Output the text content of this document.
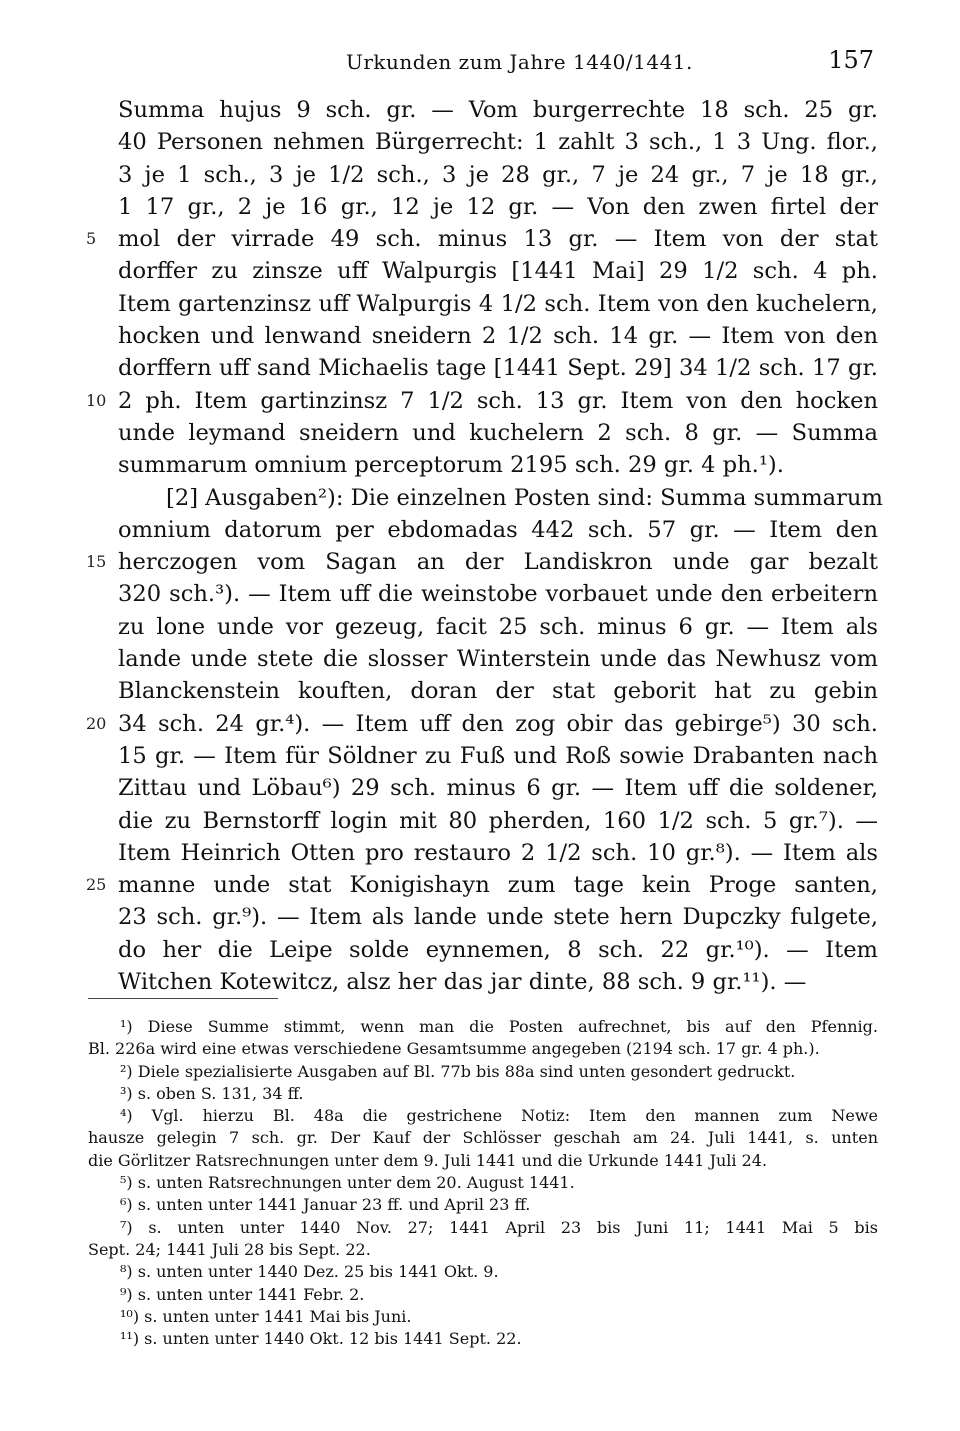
Urkunden zum Jahre 1440/1441.	157
Summa hujus 9 sch. gr. — Vom burgerrechte 18 sch. 25 gr.
40 Personen nehmen Bürgerrecht: 1 zahlt 3 sch., 1 3 Ung. flor.,
3 je 1 sch., 3 je 1/2 sch., 3 je 28 gr., 7 je 24 gr., 7 je 18 gr.,
1 17 gr., 2 je 16 gr., 12 je 12 gr. — Von den zwen firtel der
5 mol der virrade 49 sch. minus 13 gr. — Item von der stat
dorffer zu zinsze uff Walpurgis [1441 Mai] 29 1/2 sch. 4 ph.
Item gartenzinsz uff Walpurgis 4 1/2 sch. Item von den kuchelern,
hocken und lenwand sneidern 2 1/2 sch. 14 gr. — Item von den
dorffern uff sand Michaelis tage [1441 Sept. 29] 34 1/2 sch. 17 gr.
10 2 ph. Item gartinzinsz 7 1/2 sch. 13 gr. Item von den hocken
unde leymand sneidern und kuchelern 2 sch. 8 gr. — Summa
summarum omnium perceptorum 2195 sch. 29 gr. 4 ph.¹).
[2] Ausgaben²): Die einzelnen Posten sind: Summa summarum
omnium datorum per ebdomadas 442 sch. 57 gr. — Item den
15 herczogen vom Sagan an der Landiskron unde gar bezalt
320 sch.³). — Item uff die weinstobe vorbauet unde den erbeitern
zu lone unde vor gezeug, facit 25 sch. minus 6 gr. — Item als
lande unde stete die slosser Winterstein unde das Newhusz vom
Blanckenstein kouften, doran der stat geborit hat zu gebin
20 34 sch. 24 gr.⁴). — Item uff den zog obir das gebirge⁵) 30 sch.
15 gr. — Item für Söldner zu Fuß und Roß sowie Drabanten nach
Zittau und Löbau⁶) 29 sch. minus 6 gr. — Item uff die soldener,
die zu Bernstorff login mit 80 pherden, 160 1/2 sch. 5 gr.⁷). —
Item Heinrich Otten pro restauro 2 1/2 sch. 10 gr.⁸). — Item als
25 manne unde stat Konigishayn zum tage kein Proge santen,
23 sch. gr.⁹). — Item als lande unde stete hern Dupczky fulgete,
do her die Leipe solde eynnemen, 8 sch. 22 gr.¹⁰). — Item
Witchen Kotewitcz, alsz her das jar dinte, 88 sch. 9 gr.¹¹). —
¹) Diese Summe stimmt, wenn man die Posten aufrechnet, bis auf den Pfennig.
Bl. 226a wird eine etwas verschiedene Gesamtsumme angegeben (2194 sch. 17 gr. 4 ph.).
²) Diele spezialisierte Ausgaben auf Bl. 77b bis 88a sind unten gesondert gedruckt.
³) s. oben S. 131, 34 ff.
⁴) Vgl. hierzu Bl. 48a die gestrichene Notiz: Item den mannen zum Newe
hausze gelegin 7 sch. gr. Der Kauf der Schlösser geschah am 24. Juli 1441, s. unten
die Görlitzer Ratsrechnungen unter dem 9. Juli 1441 und die Urkunde 1441 Juli 24.
⁵) s. unten Ratsrechnungen unter dem 20. August 1441.
⁶) s. unten unter 1441 Januar 23 ff. und April 23 ff.
⁷) s. unten unter 1440 Nov. 27; 1441 April 23 bis Juni 11; 1441 Mai 5 bis
Sept. 24; 1441 Juli 28 bis Sept. 22.
⁸) s. unten unter 1440 Dez. 25 bis 1441 Okt. 9.
⁹) s. unten unter 1441 Febr. 2.
¹⁰) s. unten unter 1441 Mai bis Juni.
¹¹) s. unten unter 1440 Okt. 12 bis 1441 Sept. 22.
